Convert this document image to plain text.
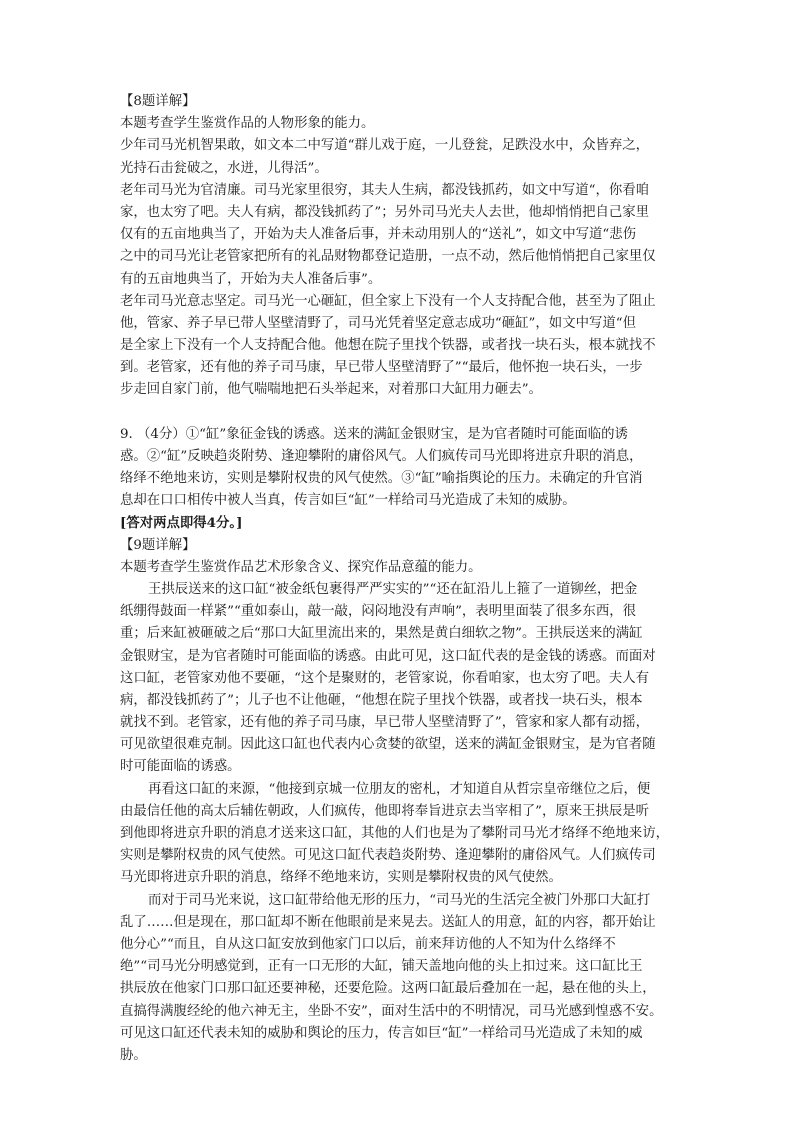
【8题详解】
本题考查学生鉴赏作品的人物形象的能力。
少年司马光机智果敢，如文本二中写道“群儿戏于庭，一儿登瓮，足跌没水中，众皆弃之，
光持石击瓮破之，水迸，儿得活”。
老年司马光为官清廉。司马光家里很穷，其夫人生病，都没钱抓药，如文中写道“，你看咱
家，也太穷了吧。夫人有病，都没钱抓药了”；另外司马光夫人去世，他却悄悄把自己家里
仅有的五亩地典当了，开始为夫人准备后事，并未动用别人的“送礼”，如文中写道“悲伤
之中的司马光让老管家把所有的礼品财物都登记造册，一点不动，然后他悄悄把自己家里仅
有的五亩地典当了，开始为夫人准备后事”。
老年司马光意志坚定。司马光一心砸缸，但全家上下没有一个人支持配合他，甚至为了阻止
他，管家、养子早已带人坚壁清野了，司马光凭着坚定意志成功“砸缸”，如文中写道“但
是全家上下没有一个人支持配合他。他想在院子里找个铁器，或者找一块石头，根本就找不
到。老管家，还有他的养子司马康，早已带人坚壁清野了”“最后，他怀抱一块石头，一步
步走回自家门前，他气喘喘地把石头举起来，对着那口大缸用力砸去”。
9. （4分）①“缸”象征金钱的诱惑。送来的满缸金银财宝，是为官者随时可能面临的诱
惑。②“缸”反映趋炎附势、逢迎攀附的庸俗风气。人们疯传司马光即将进京升职的消息，
络绎不绝地来访，实则是攀附权贵的风气使然。③“缸”喻指舆论的压力。未确定的升官消
息却在口口相传中被人当真，传言如巨“缸”一样给司马光造成了未知的威胁。
[答对两点即得4分。]
【9题详解】
本题考查学生鉴赏作品艺术形象含义、探究作品意蕴的能力。
王拱辰送来的这口缸“被金纸包裹得严严实实的”“还在缸沿儿上箍了一道铆丝，把金
纸绷得鼓面一样紧”“重如泰山，敲一敲，闷闷地没有声响”，表明里面装了很多东西，很
重；后来缸被砸破之后“那口大缸里流出来的，果然是黄白细软之物”。王拱辰送来的满缸
金银财宝，是为官者随时可能面临的诱惑。由此可见，这口缸代表的是金钱的诱惑。而面对
这口缸，老管家劝他不要砸，“这个是聚财的，老管家说，你看咱家，也太穷了吧。夫人有
病，都没钱抓药了”；儿子也不让他砸，“他想在院子里找个铁器，或者找一块石头，根本
就找不到。老管家，还有他的养子司马康，早已带人坚壁清野了”，管家和家人都有动摇，
可见欲望很难克制。因此这口缸也代表内心贪婪的欲望，送来的满缸金银财宝，是为官者随
时可能面临的诱惑。
再看这口缸的来源，“他接到京城一位朋友的密札，才知道自从哲宗皇帝继位之后，便
由最信任他的高太后辅佐朝政，人们疯传，他即将奉旨进京去当宰相了”，原来王拱辰是听
到他即将进京升职的消息才送来这口缸，其他的人们也是为了攀附司马光才络绎不绝地来访，
实则是攀附权贵的风气使然。可见这口缸代表趋炎附势、逢迎攀附的庸俗风气。人们疯传司
马光即将进京升职的消息，络绎不绝地来访，实则是攀附权贵的风气使然。
而对于司马光来说，这口缸带给他无形的压力，“司马光的生活完全被门外那口大缸打
乱了……但是现在，那口缸却不断在他眼前是来晃去。送缸人的用意，缸的内容，都开始让
他分心”“而且，自从这口缸安放到他家门口以后，前来拜访他的人不知为什么络绎不
绝”“司马光分明感觉到，正有一口无形的大缸，铺天盖地向他的头上扣过来。这口缸比王
拱辰放在他家门口那口缸还要神秘，还要危险。这两口缸最后叠加在一起，悬在他的头上，
直搞得满腹经纶的他六神无主，坐卧不安”，面对生活中的不明情况，司马光感到惶惑不安。
可见这口缸还代表未知的威胁和舆论的压力，传言如巨“缸”一样给司马光造成了未知的威
胁。
